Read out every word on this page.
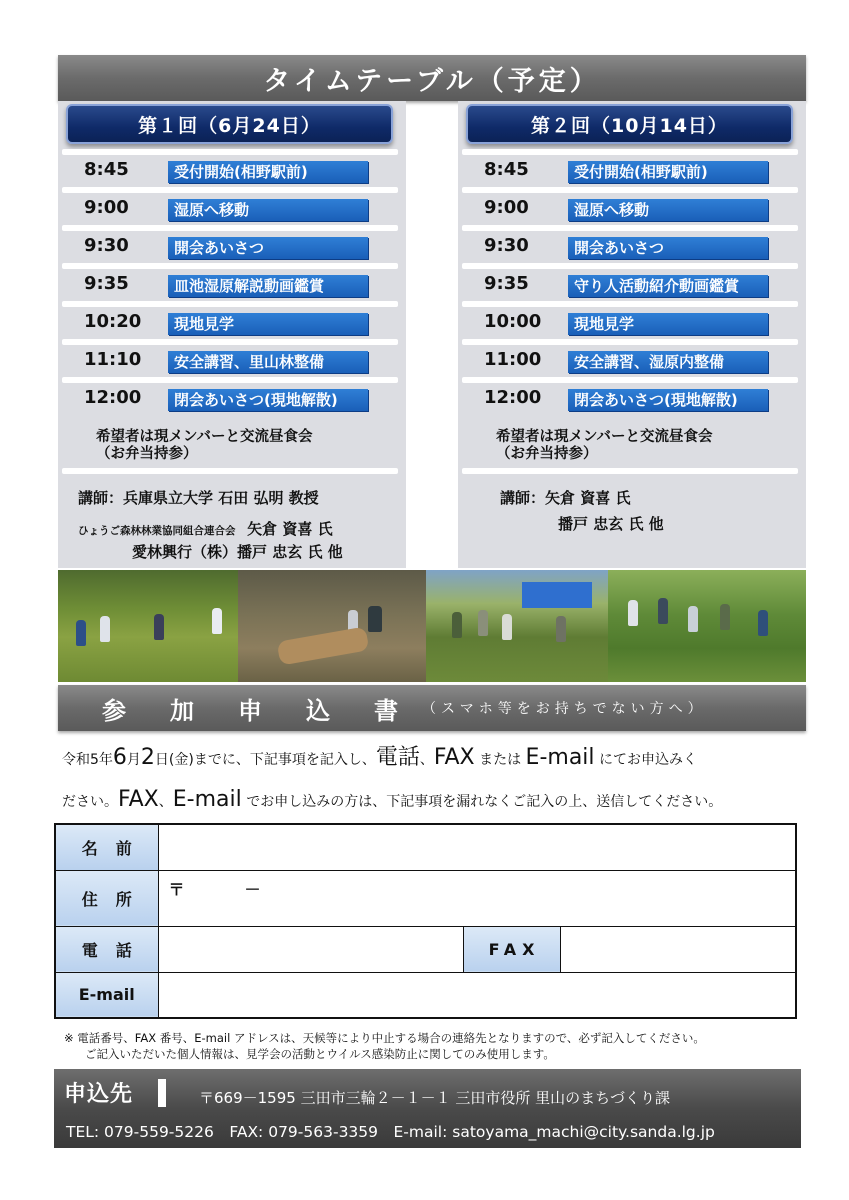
タイムテーブル（予定）
第１回（6月24日）
8:45	受付開始(相野駅前)
9:00	湿原へ移動
9:30	開会あいさつ
9:35	皿池湿原解説動画鑑賞
10:20	現地見学
11:10	安全講習、里山林整備
12:00	閉会あいさつ(現地解散)
希望者は現メンバーと交流昼食会
（お弁当持参）
講師：兵庫県立大学 石田 弘明 教授
ひょうご森林林業協同組合連合会 矢倉 資喜 氏
愛林興行（株）播戸 忠玄 氏 他
第２回（10月14日）
8:45	受付開始(相野駅前)
9:00	湿原へ移動
9:30	開会あいさつ
9:35	守り人活動紹介動画鑑賞
10:00	現地見学
11:00	安全講習、湿原内整備
12:00	閉会あいさつ(現地解散)
希望者は現メンバーと交流昼食会
（お弁当持参）
講師：矢倉 資喜 氏
播戸 忠玄 氏 他
参加申込書
（スマホ等をお持ちでない方へ）
令和5年6月2日(金)までに、下記事項を記入し、電話、FAX または E-mail にてお申込みく
ださい。FAX、E-mail でお申し込みの方は、下記事項を漏れなくご記入の上、送信してください。
名前			
住所	〒 －		
電話		FAX	
E-mail			
※ 電話番号、FAX 番号、E-mail アドレスは、天候等により中止する場合の連絡先となりますので、必ず記入してください。
ご記入いただいた個人情報は、見学会の活動とウイルス感染防止に関してのみ使用します。
申込先	〒669－1595 三田市三輪２－１－１ 三田市役所 里山のまちづくり課
TEL: 079-559-5226　FAX: 079-563-3359　E-mail: satoyama_machi@city.sanda.lg.jp
